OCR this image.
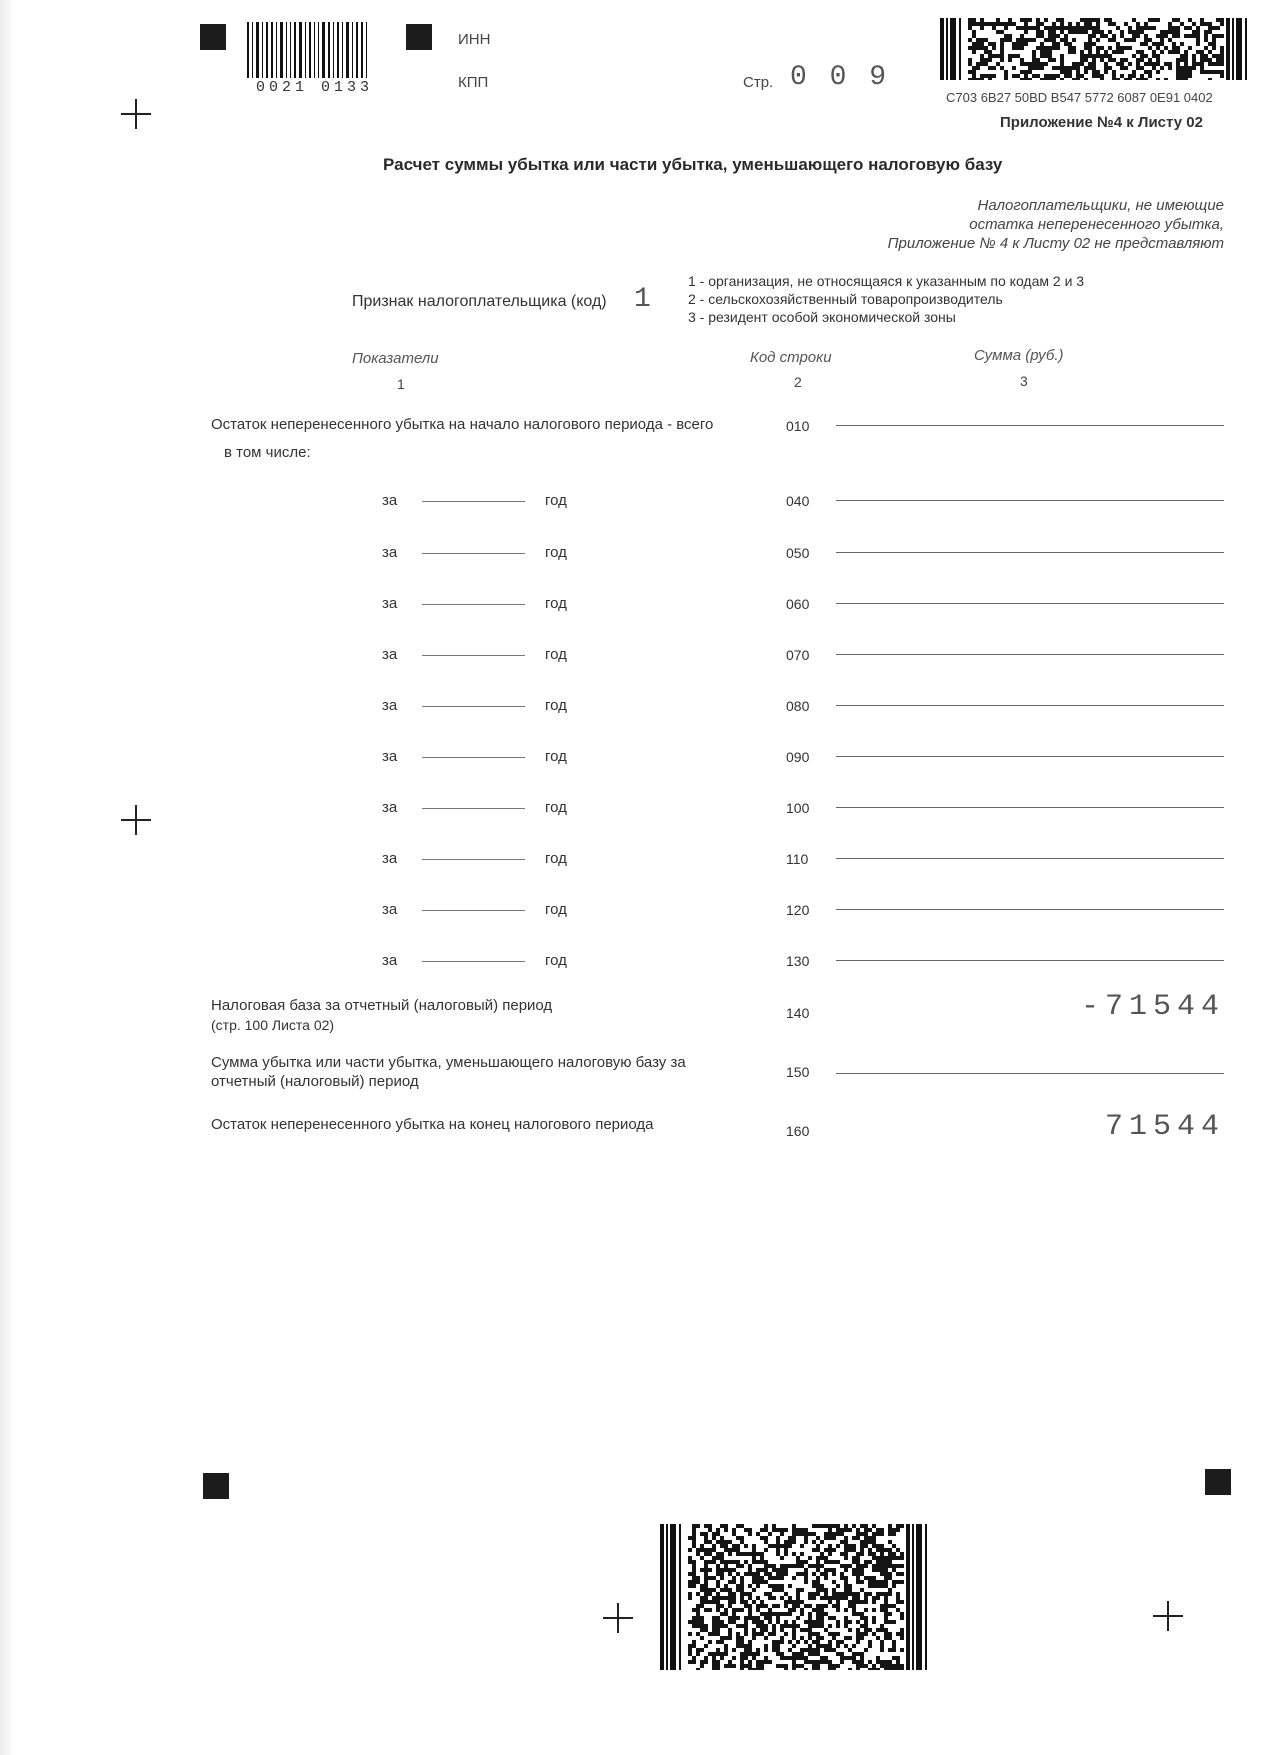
0021 0133
ИНН
КПП	Стр. 0 0 9
C703 6B27 50BD B547 5772 6087 0E91 0402
Приложение №4 к Листу 02
Расчет суммы убытка или части убытка, уменьшающего налоговую базу
Налогоплательщики, не имеющие
остатка неперенесенного убытка,
Приложение № 4 к Листу 02 не представляют
Признак налогоплательщика (код) 1
1 - организация, не относящаяся к указанным по кодам 2 и 3
2 - сельскохозяйственный товаропроизводитель
3 - резидент особой экономической зоны
Показатели	Код строки	Сумма (руб.)
1	2	3
Остаток неперенесенного убытка на начало налогового периода - всего	010
в том числе:
за	год	040
за	год	050
за	год	060
за	год	070
за	год	080
за	год	090
за	год	100
за	год	110
за	год	120
за	год	130
Налоговая база за отчетный (налоговый) период
(стр. 100 Листа 02)
140	-71544
Сумма убытка или части убытка, уменьшающего налоговую базу за
отчетный (налоговый) период
150
Остаток неперенесенного убытка на конец налогового периода	160	71544
